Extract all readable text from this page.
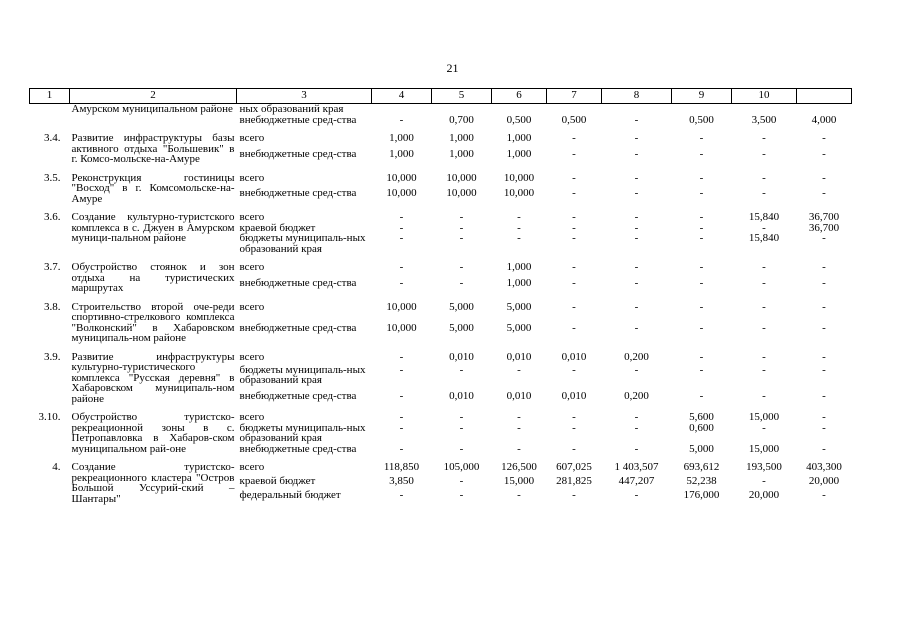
21
1	2	3	4	5	6	7	8	9	10	
	Амурском муниципальном районе	ных образований края								
		внебюджетные сред-ства	-	0,700	0,500	0,500	-	0,500	3,500	4,000

3.4.	Развитие инфраструктуры базы активного отдыха "Большевик" в г. Комсо-мольске-на-Амуре	всего	1,000	1,000	1,000	-	-	-	-	-
		внебюджетные сред-ства	1,000	1,000	1,000	-	-	-	-	-

3.5.	Реконструкция гостиницы "Восход" в г. Комсомольске-на-Амуре	всего	10,000	10,000	10,000	-	-	-	-	-
		внебюджетные сред-ства	10,000	10,000	10,000	-	-	-	-	-

3.6.	Создание культурно-туристского комплекса в с. Джуен в Амурском муници-пальном районе	всего	-	-	-	-	-	-	15,840	36,700
		краевой бюджет	-	-	-	-	-	-	-	36,700
		бюджеты муниципаль-ных образований края	-	-	-	-	-	-	15,840	-

3.7.	Обустройство стоянок и зон отдыха на туристических маршрутах	всего	-	-	1,000	-	-	-	-	-
		внебюджетные сред-ства	-	-	1,000	-	-	-	-	-

3.8.	Строительство второй оче-реди спортивно-стрелкового комплекса "Волконский" в Хабаровском муниципаль-ном районе	всего	10,000	5,000	5,000	-	-	-	-	-
		внебюджетные сред-ства	10,000	5,000	5,000	-	-	-	-	-

3.9.	Развитие инфраструктуры культурно-туристического комплекса "Русская деревня" в Хабаровском муниципаль-ном районе	всего	-	0,010	0,010	0,010	0,200	-	-	-
		бюджеты муниципаль-ных образований края	-	-	-	-	-	-	-	-
		внебюджетные сред-ства	-	0,010	0,010	0,010	0,200	-	-	-

3.10.	Обустройство туристско-рекреационной зоны в с. Петропавловка в Хабаров-ском муниципальном рай-оне	всего	-	-	-	-	-	5,600	15,000	-
		бюджеты муниципаль-ных образований края	-	-	-	-	-	0,600	-	-
		внебюджетные сред-ства	-	-	-	-	-	5,000	15,000	-

4.	Создание туристско-рекреационного кластера "Остров Большой Уссурий-ский – Шантары"	всего	118,850	105,000	126,500	607,025	1 403,507	693,612	193,500	403,300
		краевой бюджет	3,850	-	15,000	281,825	447,207	52,238	-	20,000
		федеральный бюджет	-	-	-	-	-	176,000	20,000	-
